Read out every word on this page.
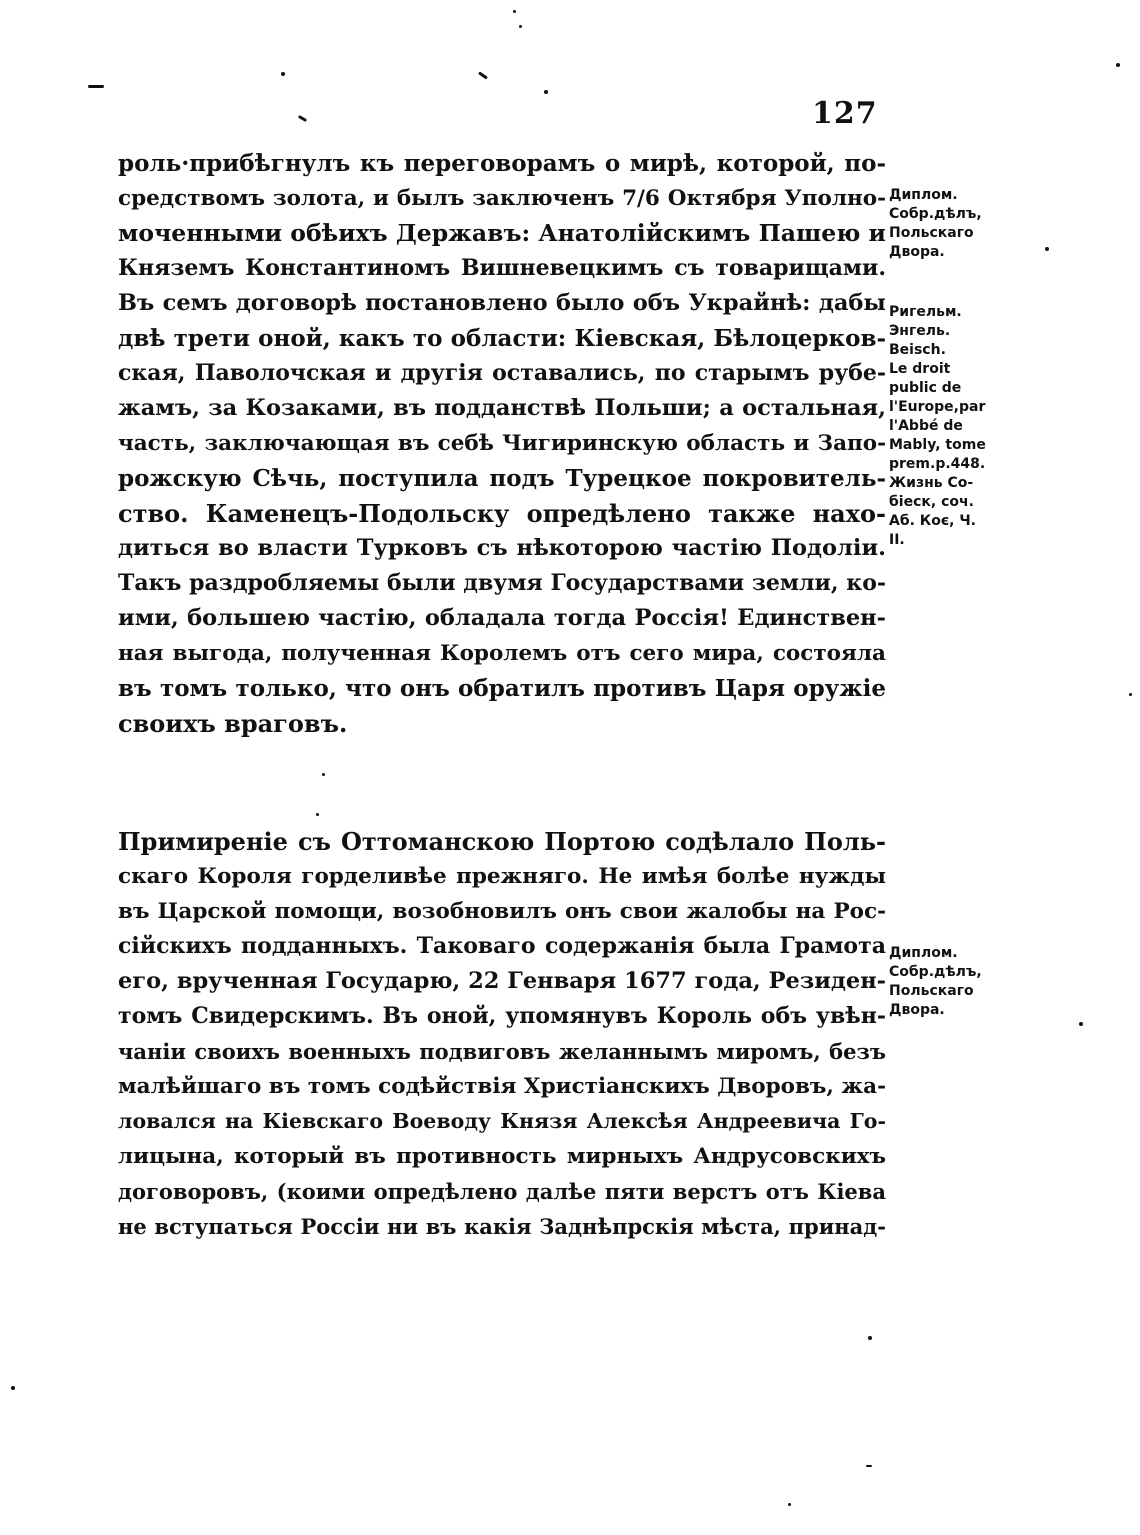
127
роль·прибѣгнулъ къ переговорамъ о мирѣ, которой, по-
средствомъ золота, и былъ заключенъ 7/6 Октября Уполно-
моченными обѣихъ Державъ: Анатолійскимъ Пашею и
Княземъ Константиномъ Вишневецкимъ съ товарищами.
Въ семъ договорѣ постановлено было объ Украйнѣ: дабы
двѣ трети оной, какъ то области: Кіевская, Бѣлоцерков-
ская, Паволочская и другія оставались, по старымъ рубе-
жамъ, за Козаками, въ подданствѣ Польши; а остальная,
часть, заключающая въ себѣ Чигиринскую область и Запо-
рожскую Сѣчь, поступила подъ Турецкое покровитель-
ство. Каменецъ-Подольску опредѣлено также нахо-
диться во власти Турковъ съ нѣкоторою частію Подоліи.
Такъ раздробляемы были двумя Государствами земли, ко-
ими, большею частію, обладала тогда Россія! Единствен-
ная выгода, полученная Королемъ отъ сего мира, состояла
въ томъ только, что онъ обратилъ противъ Царя оружіе
своихъ враговъ.
Примиреніе съ Оттоманскою Портою содѣлало Поль-
скаго Короля горделивѣе прежняго. Не имѣя болѣе нужды
въ Царской помощи, возобновилъ онъ свои жалобы на Рос-
сійскихъ подданныхъ. Таковаго содержанія была Грамота
его, врученная Государю, 22 Генваря 1677 года, Резиден-
томъ Свидерскимъ. Въ оной, упомянувъ Король объ увѣн-
чаніи своихъ военныхъ подвиговъ желаннымъ миромъ, безъ
малѣйшаго въ томъ содѣйствія Христіанскихъ Дворовъ, жа-
ловался на Кіевскаго Воеводу Князя Алексѣя Андреевича Го-
лицына, который въ противность мирныхъ Андрусовскихъ
договоровъ, (коими опредѣлено далѣе пяти верстъ отъ Кіева
не вступаться Россіи ни въ какія Заднѣпрскія мѣста, принад-
Диплом.
Собр.дѣлъ,
Польскаго
Двора.
Ригельм.
Энгель.
Beisch.
Le droit
public de
l'Europe,par
l'Abbé de
Mably, tome
prem.p.448.
Жизнь Со-
біеск, соч.
Аб. Коє, Ч.
II.
Диплом.
Собр.дѣлъ,
Польскаго
Двора.
